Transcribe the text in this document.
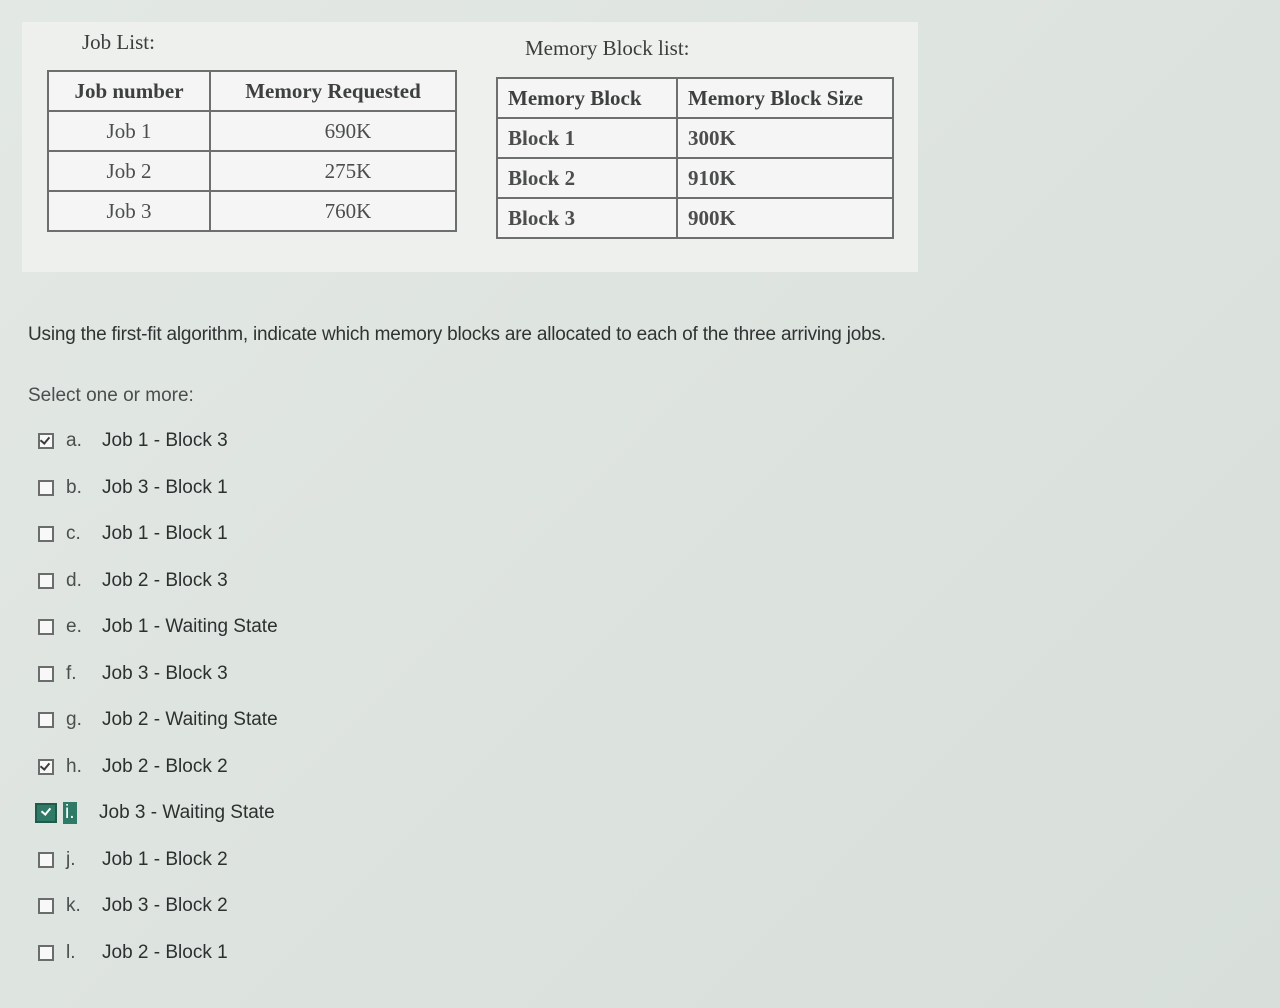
Job List:	Memory Block list:
Job number	Memory Requested
Job 1	690K
Job 2	275K
Job 3	760K
Memory Block	Memory Block Size
Block 1	300K
Block 2	910K
Block 3	900K
Using the first-fit algorithm, indicate which memory blocks are allocated to each of the three arriving jobs.
Select one or more:
a.	Job 1 - Block 3
b.	Job 3 - Block 1
c.	Job 1 - Block 1
d.	Job 2 - Block 3
e.	Job 1 - Waiting State
f.	Job 3 - Block 3
g.	Job 2 - Waiting State
h.	Job 2 - Block 2
i. Job 3 - Waiting State
j.	Job 1 - Block 2
k.	Job 3 - Block 2
l.	Job 2 - Block 1
